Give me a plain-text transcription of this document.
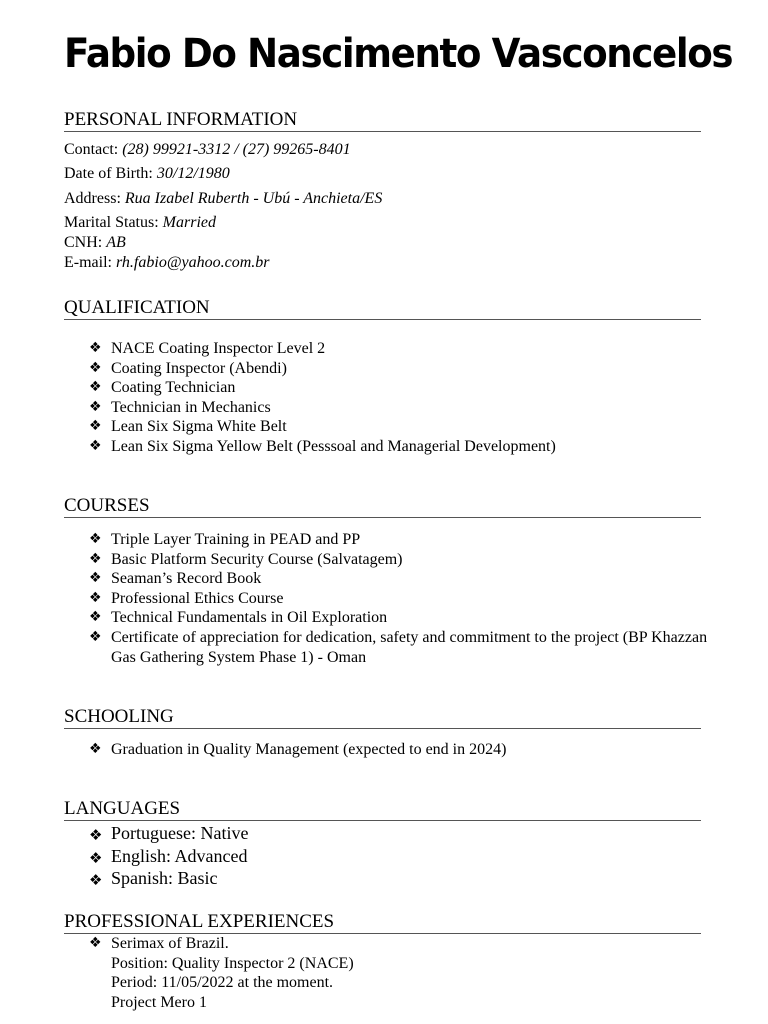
Fabio Do Nascimento Vasconcelos
PERSONAL INFORMATION
Contact: (28) 99921-3312 / (27) 99265-8401
Date of Birth: 30/12/1980
Address: Rua Izabel Ruberth - Ubú - Anchieta/ES
Marital Status: Married
CNH: AB
E-mail: rh.fabio@yahoo.com.br
QUALIFICATION
❖ NACE Coating Inspector Level 2
❖ Coating Inspector (Abendi)
❖ Coating Technician
❖ Technician in Mechanics
❖ Lean Six Sigma White Belt
❖ Lean Six Sigma Yellow Belt (Pesssoal and Managerial Development)
COURSES
❖ Triple Layer Training in PEAD and PP
❖ Basic Platform Security Course (Salvatagem)
❖ Seaman’s Record Book
❖ Professional Ethics Course
❖ Technical Fundamentals in Oil Exploration
❖ Certificate of appreciation for dedication, safety and commitment to the project (BP Khazzan Gas Gathering System Phase 1) - Oman
SCHOOLING
❖ Graduation in Quality Management (expected to end in 2024)
LANGUAGES
❖ Portuguese: Native
❖ English: Advanced
❖ Spanish: Basic
PROFESSIONAL EXPERIENCES
❖ Serimax of Brazil.
Position: Quality Inspector 2 (NACE)
Period: 11/05/2022 at the moment.
Project Mero 1
